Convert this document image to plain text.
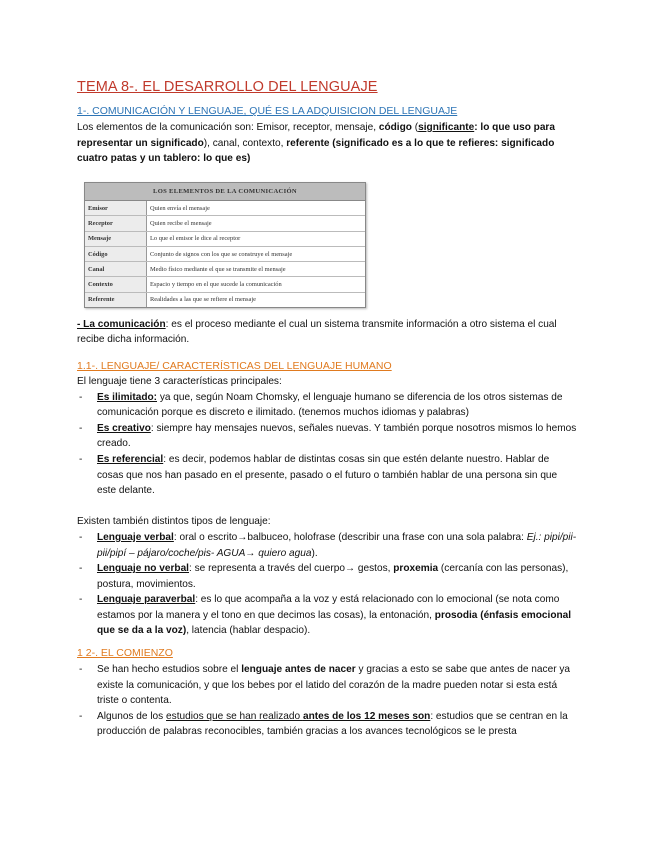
TEMA 8-. EL DESARROLLO DEL LENGUAJE
1-. COMUNICACIÓN Y LENGUAJE, QUÉ ES LA ADQUISICION DEL LENGUAJE

Los elementos de la comunicación son: Emisor, receptor, mensaje, código (significante: lo que uso para representar un significado), canal, contexto, referente (significado es a lo que te refieres: significado cuatro patas y un tablero: lo que es)

- La comunicación: es el proceso mediante el cual un sistema transmite información a otro sistema el cual recibe dicha información.

1.1-. LENGUAJE/ CARACTERÍSTICAS DEL LENGUAJE HUMANO

El lenguaje tiene 3 características principales:

- Es ilimitado: ya que, según Noam Chomsky, el lenguaje humano se diferencia de los otros sistemas de comunicación porque es discreto e ilimitado. (tenemos muchos idiomas y palabras)
- Es creativo: siempre hay mensajes nuevos, señales nuevas. Y también porque nosotros mismos lo hemos creado.
- Es referencial: es decir, podemos hablar de distintas cosas sin que estén delante nuestro. Hablar de cosas que nos han pasado en el presente, pasado o el futuro o también hablar de una persona sin que este delante.

Existen también distintos tipos de lenguaje:

- Lenguaje verbal: oral o escrito→balbuceo, holofrase (describir una frase con una sola palabra: Ej.: pipi/pii-pii/pipí – pájaro/coche/pis- AGUA→ quiero agua).
- Lenguaje no verbal: se representa a través del cuerpo→ gestos, proxemia (cercanía con las personas), postura, movimientos.
- Lenguaje paraverbal: es lo que acompaña a la voz y está relacionado con lo emocional (se nota como estamos por la manera y el tono en que decimos las cosas), la entonación, prosodia (énfasis emocional que se da a la voz), latencia (hablar despacio).
1 2-. EL COMIENZO
- Se han hecho estudios sobre el lenguaje antes de nacer y gracias a esto se sabe que antes de nacer ya existe la comunicación, y que los bebes por el latido del corazón de la madre pueden notar si esta está triste o contenta.
- Algunos de los estudios que se han realizado antes de los 12 meses son: estudios que se centran en la producción de palabras reconocibles, también gracias a los avances tecnológicos se le presta
LOS ELEMENTOS DE LA COMUNICACIÓN	
Emisor	Quien envía el mensaje
Receptor	Quien recibe el mensaje
Mensaje	Lo que el emisor le dice al receptor
Código	Conjunto de signos con los que se construye el mensaje
Canal	Medio físico mediante el que se transmite el mensaje
Contexto	Espacio y tiempo en el que sucede la comunicación
Referente	Realidades a las que se refiere el mensaje
